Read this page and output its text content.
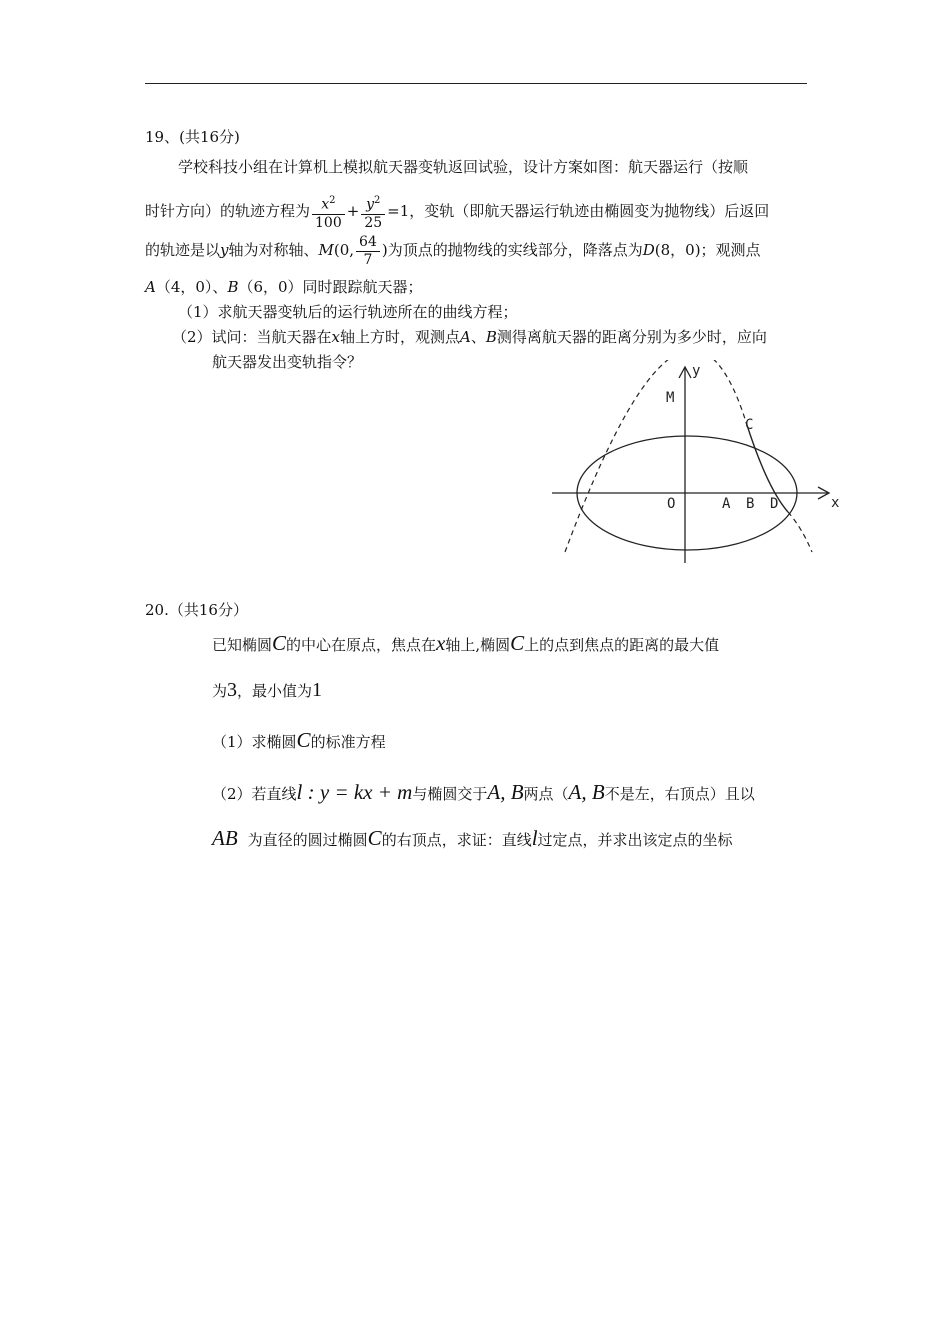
19、(共16分)
学校科技小组在计算机上模拟航天器变轨返回试验，设计方案如图：航天器运行（按顺
时针方向）的轨迹方程为 $\frac{x^2}{100} + \frac{y^2}{25} =1$，变轨（即航天器运行轨迹由椭圆变为抛物线）后返回
的轨迹是以y轴为对称轴、M(0, $\frac{64}{7}$ )为顶点的抛物线的实线部分，降落点为D(8，0)；观测点
A（4，0）、B（6，0）同时跟踪航天器；
（1）求航天器变轨后的运行轨迹所在的曲线方程；
（2）试问：当航天器在x轴上方时，观测点A、B测得离航天器的距离分别为多少时，应向
航天器发出变轨指令？	y
M
C
O	A B D	x
20.（共16分）
已知椭圆C的中心在原点，焦点在x轴上,椭圆C上的点到焦点的距离的最大值
为3，最小值为1
（1）求椭圆C的标准方程
（2）若直线l : y = kx + m与椭圆交于A, B两点（A, B不是左，右顶点）且以
AB 为直径的圆过椭圆C的右顶点，求证：直线l过定点，并求出该定点的坐标
